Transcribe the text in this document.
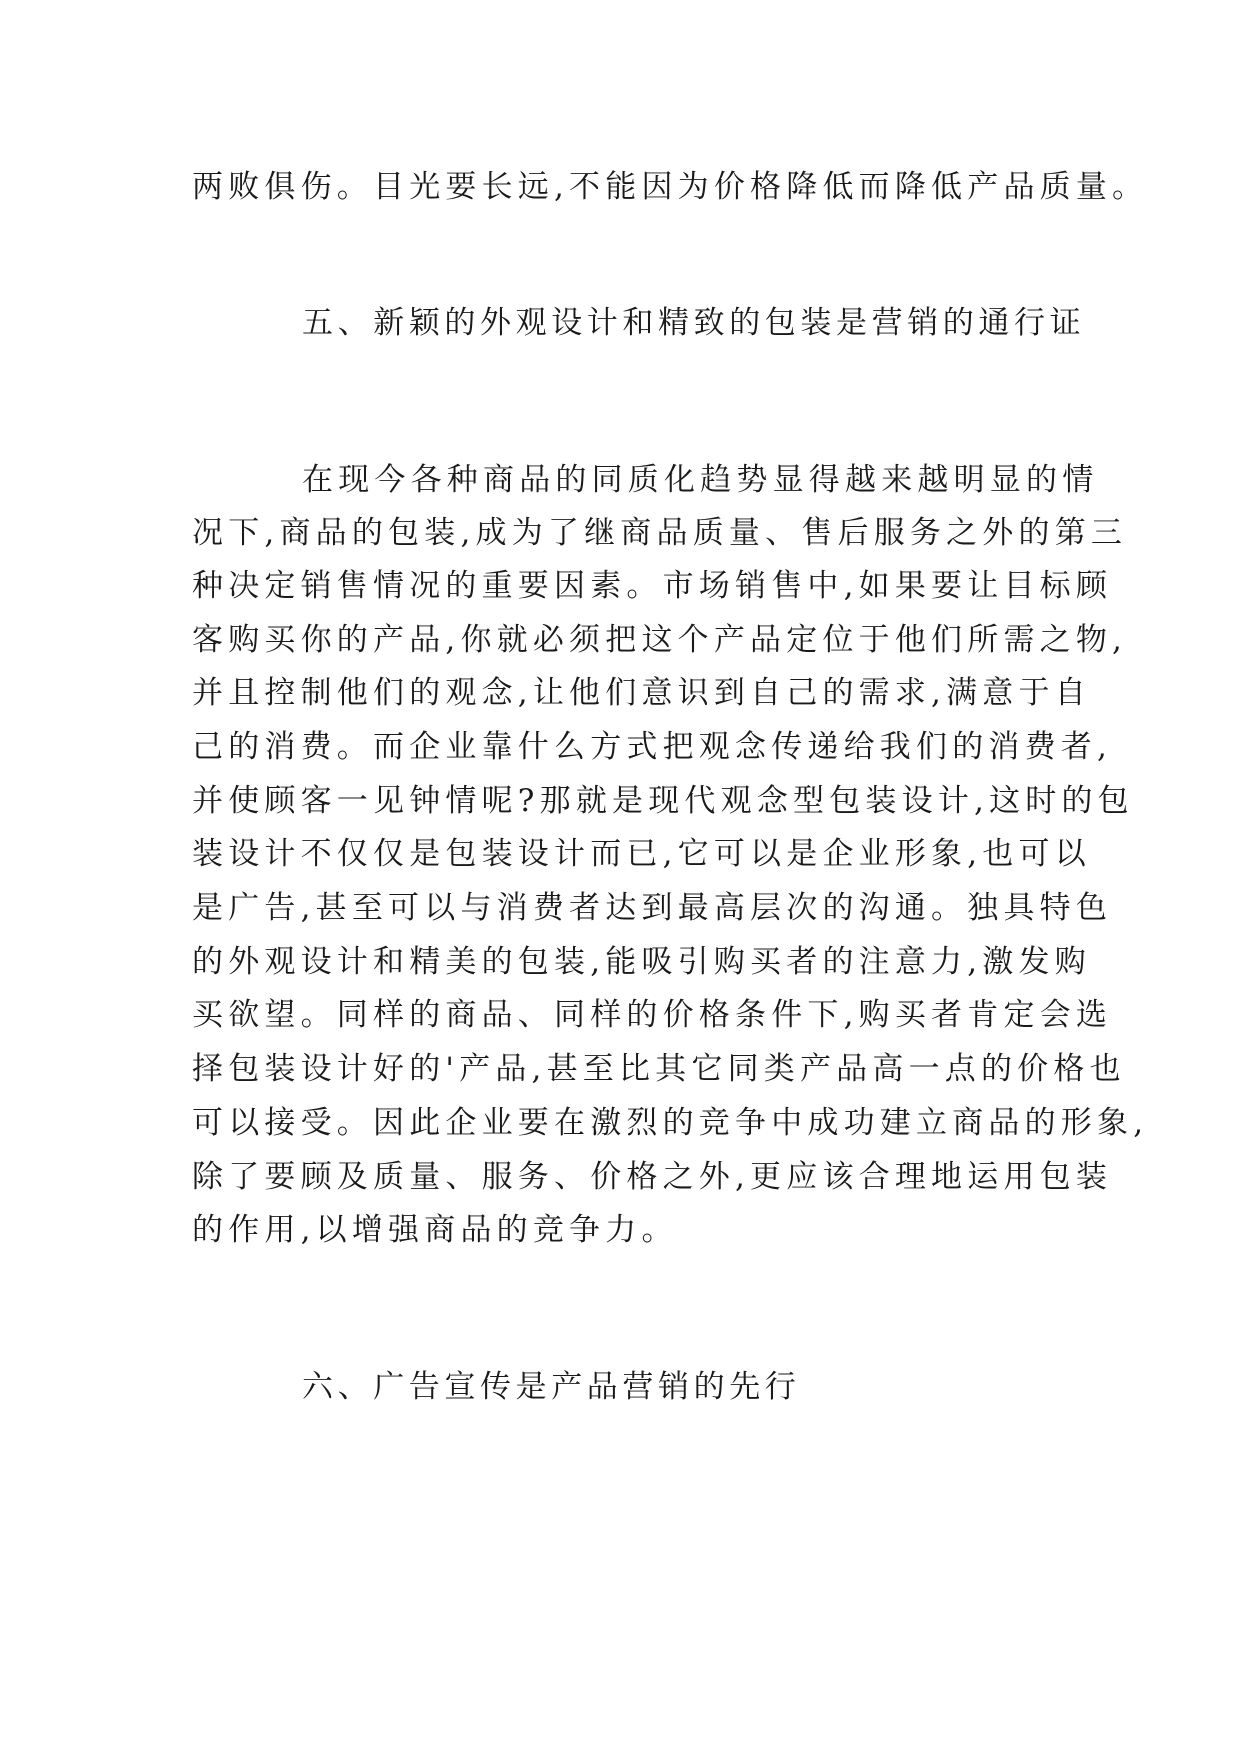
两败俱伤。目光要长远,不能因为价格降低而降低产品质量。
五、新颖的外观设计和精致的包装是营销的通行证
在现今各种商品的同质化趋势显得越来越明显的情
况下,商品的包装,成为了继商品质量、售后服务之外的第三
种决定销售情况的重要因素。市场销售中,如果要让目标顾
客购买你的产品,你就必须把这个产品定位于他们所需之物,
并且控制他们的观念,让他们意识到自己的需求,满意于自
己的消费。而企业靠什么方式把观念传递给我们的消费者,
并使顾客一见钟情呢?那就是现代观念型包装设计,这时的包
装设计不仅仅是包装设计而已,它可以是企业形象,也可以
是广告,甚至可以与消费者达到最高层次的沟通。独具特色
的外观设计和精美的包装,能吸引购买者的注意力,激发购
买欲望。同样的商品、同样的价格条件下,购买者肯定会选
择包装设计好的'产品,甚至比其它同类产品高一点的价格也
可以接受。因此企业要在激烈的竞争中成功建立商品的形象,
除了要顾及质量、服务、价格之外,更应该合理地运用包装
的作用,以增强商品的竞争力。
六、广告宣传是产品营销的先行
